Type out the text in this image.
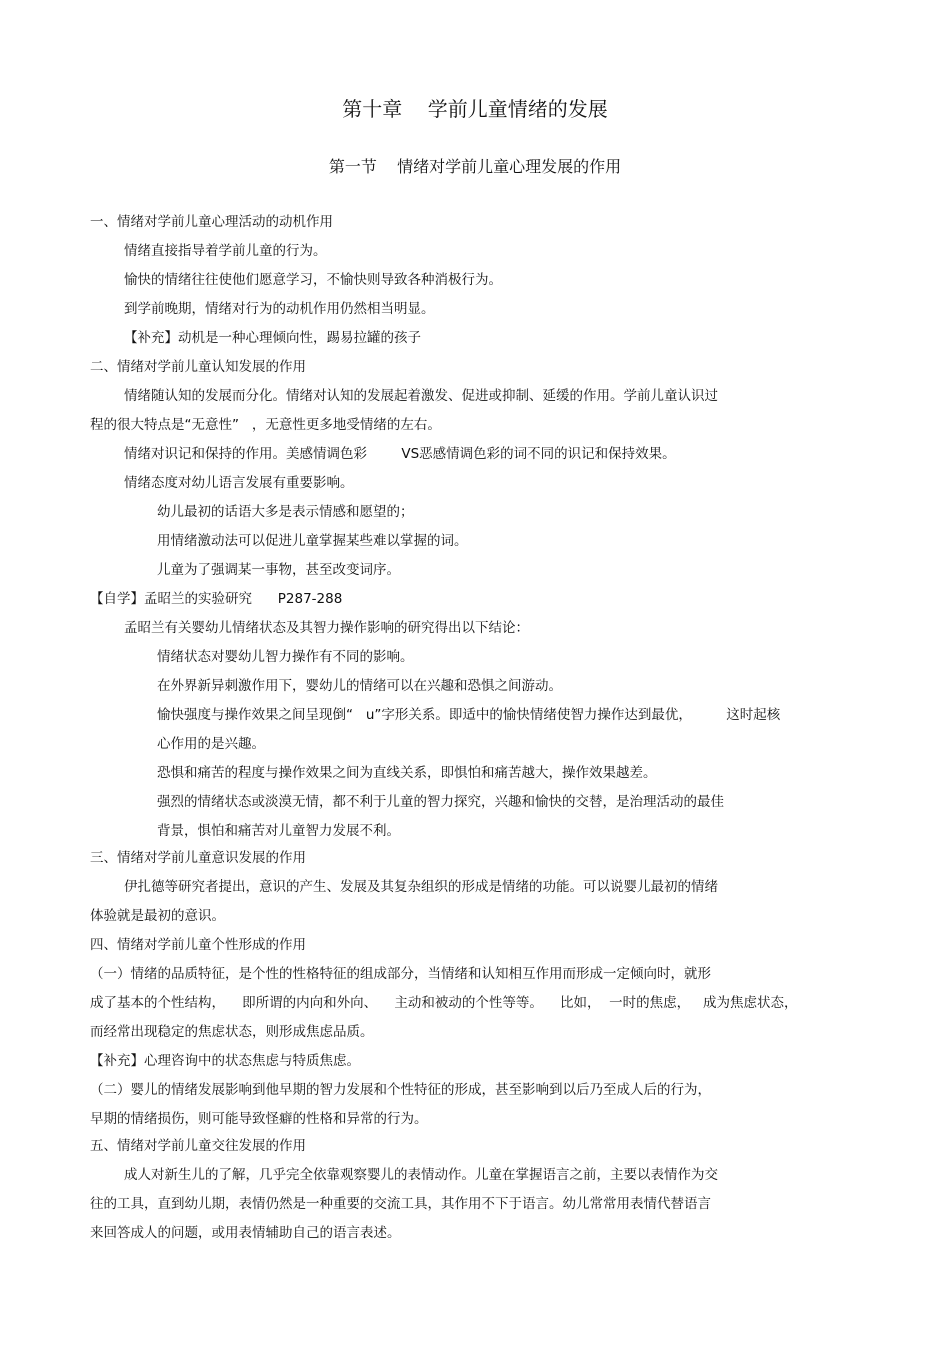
第十章    学前儿童情绪的发展
第一节    情绪对学前儿童心理发展的作用
一、情绪对学前儿童心理活动的动机作用
情绪直接指导着学前儿童的行为。
愉快的情绪往往使他们愿意学习，不愉快则导致各种消极行为。
到学前晚期，情绪对行为的动机作用仍然相当明显。
【补充】动机是一种心理倾向性，踢易拉罐的孩子
二、情绪对学前儿童认知发展的作用
情绪随认知的发展而分化。情绪对认知的发展起着激发、促进或抑制、延缓的作用。学前儿童认识过
程的很大特点是“无意性”   ，无意性更多地受情绪的左右。
情绪对识记和保持的作用。美感情调色彩        VS恶感情调色彩的词不同的识记和保持效果。
情绪态度对幼儿语言发展有重要影响。
幼儿最初的话语大多是表示情感和愿望的；
用情绪激动法可以促进儿童掌握某些难以掌握的词。
儿童为了强调某一事物，甚至改变词序。
【自学】孟昭兰的实验研究      P287-288
孟昭兰有关婴幼儿情绪状态及其智力操作影响的研究得出以下结论：
情绪状态对婴幼儿智力操作有不同的影响。
在外界新异刺激作用下，婴幼儿的情绪可以在兴趣和恐惧之间游动。
愉快强度与操作效果之间呈现倒“   u”字形关系。即适中的愉快情绪使智力操作达到最优，        这时起核
心作用的是兴趣。
恐惧和痛苦的程度与操作效果之间为直线关系，即惧怕和痛苦越大，操作效果越差。
强烈的情绪状态或淡漠无情，都不利于儿童的智力探究，兴趣和愉快的交替，是治理活动的最佳
背景，惧怕和痛苦对儿童智力发展不利。
三、情绪对学前儿童意识发展的作用
伊扎德等研究者提出，意识的产生、发展及其复杂组织的形成是情绪的功能。可以说婴儿最初的情绪
体验就是最初的意识。
四、情绪对学前儿童个性形成的作用
（一）情绪的品质特征，是个性的性格特征的组成部分，当情绪和认知相互作用而形成一定倾向时，就形
成了基本的个性结构，    即所谓的内向和外向、    主动和被动的个性等等。    比如，  一时的焦虑，   成为焦虑状态，
而经常出现稳定的焦虑状态，则形成焦虑品质。
【补充】心理咨询中的状态焦虑与特质焦虑。
（二）婴儿的情绪发展影响到他早期的智力发展和个性特征的形成，甚至影响到以后乃至成人后的行为，
早期的情绪损伤，则可能导致怪癖的性格和异常的行为。
五、情绪对学前儿童交往发展的作用
成人对新生儿的了解，几乎完全依靠观察婴儿的表情动作。儿童在掌握语言之前，主要以表情作为交
往的工具，直到幼儿期，表情仍然是一种重要的交流工具，其作用不下于语言。幼儿常常用表情代替语言
来回答成人的问题，或用表情辅助自己的语言表述。
